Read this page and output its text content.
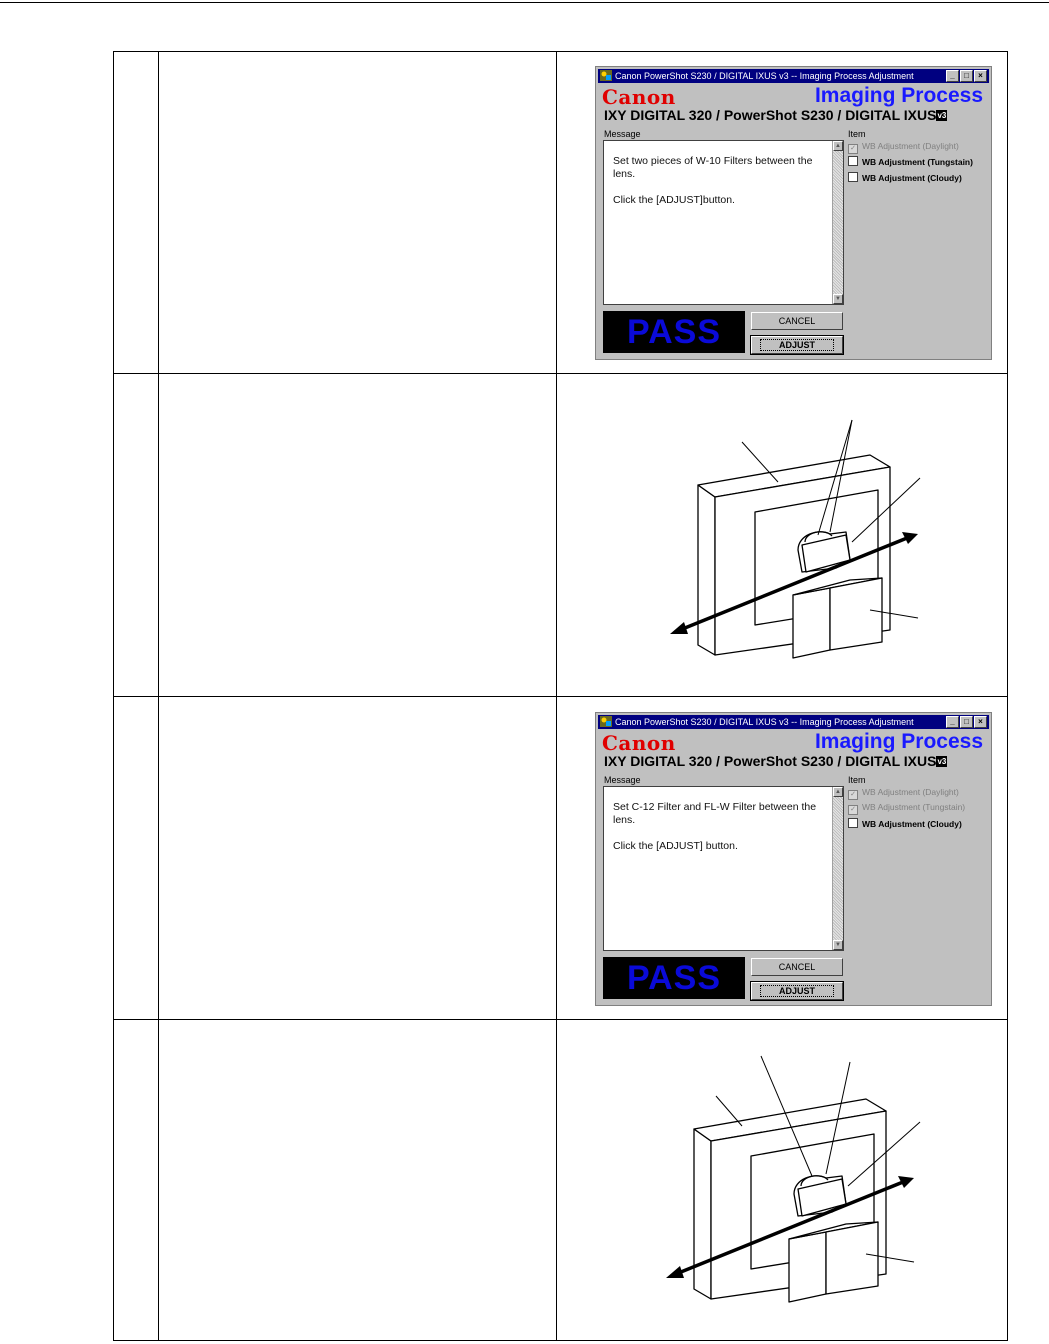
Canon PowerShot S230 / DIGITAL IXUS v3 -- Imaging Process Adjustment	_	□	×
Canon	Imaging Process
IXY DIGITAL 320 / PowerShot S230 / DIGITAL IXUSv3
Message
Set two pieces of W-10 Filters between the lens.

Click the [ADJUST]button.
▲
▼
PASS	CANCEL
ADJUST
Item
✓ WB Adjustment (Daylight)
WB Adjustment (Tungstain)
WB Adjustment (Cloudy)
Canon PowerShot S230 / DIGITAL IXUS v3 -- Imaging Process Adjustment	_	□	×
Canon	Imaging Process
IXY DIGITAL 320 / PowerShot S230 / DIGITAL IXUSv3
Message
Set C-12 Filter and FL-W Filter between the lens.

Click the [ADJUST] button.
▲
▼
PASS	CANCEL
ADJUST
Item
✓ WB Adjustment (Daylight)
✓ WB Adjustment (Tungstain)
WB Adjustment (Cloudy)
